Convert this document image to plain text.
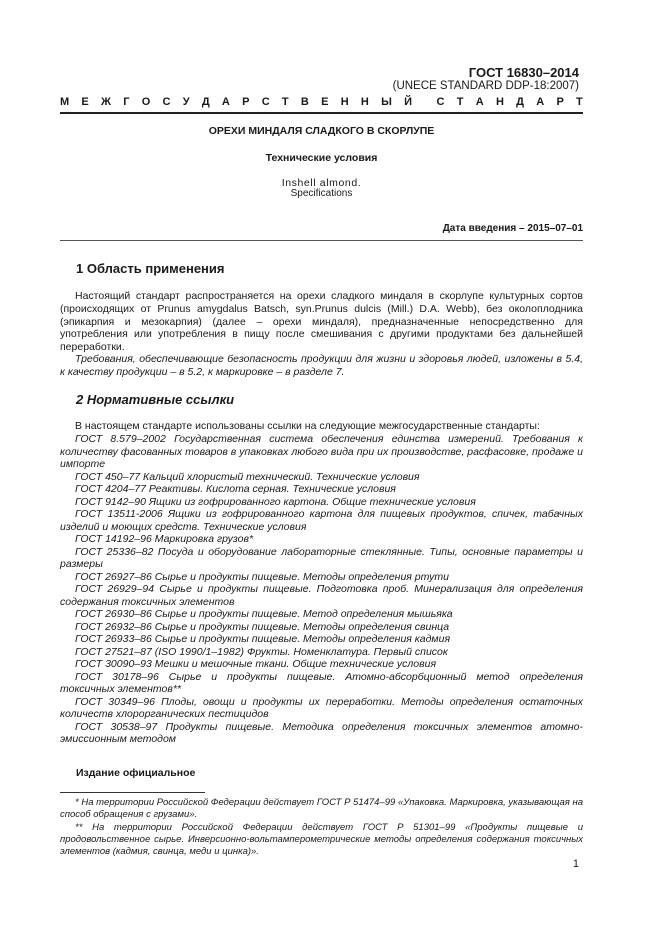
ГОСТ 16830–2014
(UNECE STANDARD DDP-18:2007)
М Е Ж Г О С У Д А Р С Т В Е Н Н Ы Й С Т А Н Д А Р Т
ОРЕХИ МИНДАЛЯ СЛАДКОГО В СКОРЛУПЕ
Технические условия
Inshell almond.
Specifications
Дата введения – 2015–07–01
1 Область применения

Настоящий стандарт распространяется на орехи сладкого миндаля в скорлупе культурных сортов (происходящих от Prunus amygdalus Batsch, syn.Prunus dulcis (Mill.) D.A. Webb), без околоплодника (эпикарпия и мезокарпия) (далее – орехи миндаля), предназначенные непосредственно для употребления или употребления в пищу после смешивания с другими продуктами без дальнейшей переработки.

Требования, обеспечивающие безопасность продукции для жизни и здоровья людей, изложены в 5.4, к качеству продукции – в 5.2, к маркировке – в разделе 7.

2 Нормативные ссылки

В настоящем стандарте использованы ссылки на следующие межгосударственные стандарты:

ГОСТ 8.579–2002 Государственная система обеспечения единства измерений. Требования к количеству фасованных товаров в упаковках любого вида при их производстве, расфасовке, продаже и импорте

ГОСТ 450–77 Кальций хлористый технический. Технические условия

ГОСТ 4204–77 Реактивы. Кислота серная. Технические условия

ГОСТ 9142–90 Ящики из гофрированного картона. Общие технические условия

ГОСТ 13511-2006 Ящики из гофрированного картона для пищевых продуктов, спичек, табачных изделий и моющих средств. Технические условия

ГОСТ 14192–96 Маркировка грузов*

ГОСТ 25336–82 Посуда и оборудование лабораторные стеклянные. Типы, основные параметры и размеры

ГОСТ 26927–86 Сырье и продукты пищевые. Методы определения ртути

ГОСТ 26929–94 Сырье и продукты пищевые. Подготовка проб. Минерализация для определения содержания токсичных элементов

ГОСТ 26930–86 Сырье и продукты пищевые. Метод определения мышьяка

ГОСТ 26932–86 Сырье и продукты пищевые. Методы определения свинца

ГОСТ 26933–86 Сырье и продукты пищевые. Методы определения кадмия

ГОСТ 27521–87 (ISO 1990/1–1982) Фрукты. Номенклатура. Первый список

ГОСТ 30090–93 Мешки и мешочные ткани. Общие технические условия

ГОСТ 30178–96 Сырье и продукты пищевые. Атомно-абсорбционный метод определения токсичных элементов**

ГОСТ 30349–96 Плоды, овощи и продукты их переработки. Методы определения остаточных количеств хлорорганических пестицидов

ГОСТ 30538–97 Продукты пищевые. Методика определения токсичных элементов атомно-эмиссионным методом

Издание официальное

* На территории Российской Федерации действует ГОСТ Р 51474–99 «Упаковка. Маркировка, указывающая на способ обращения с грузами».

** На территории Российской Федерации действует ГОСТ Р 51301–99 «Продукты пищевые и продовольственное сырье. Инверсионно-вольтамперометрические методы определения содержания токсичных элементов (кадмия, свинца, меди и цинка)».

1
